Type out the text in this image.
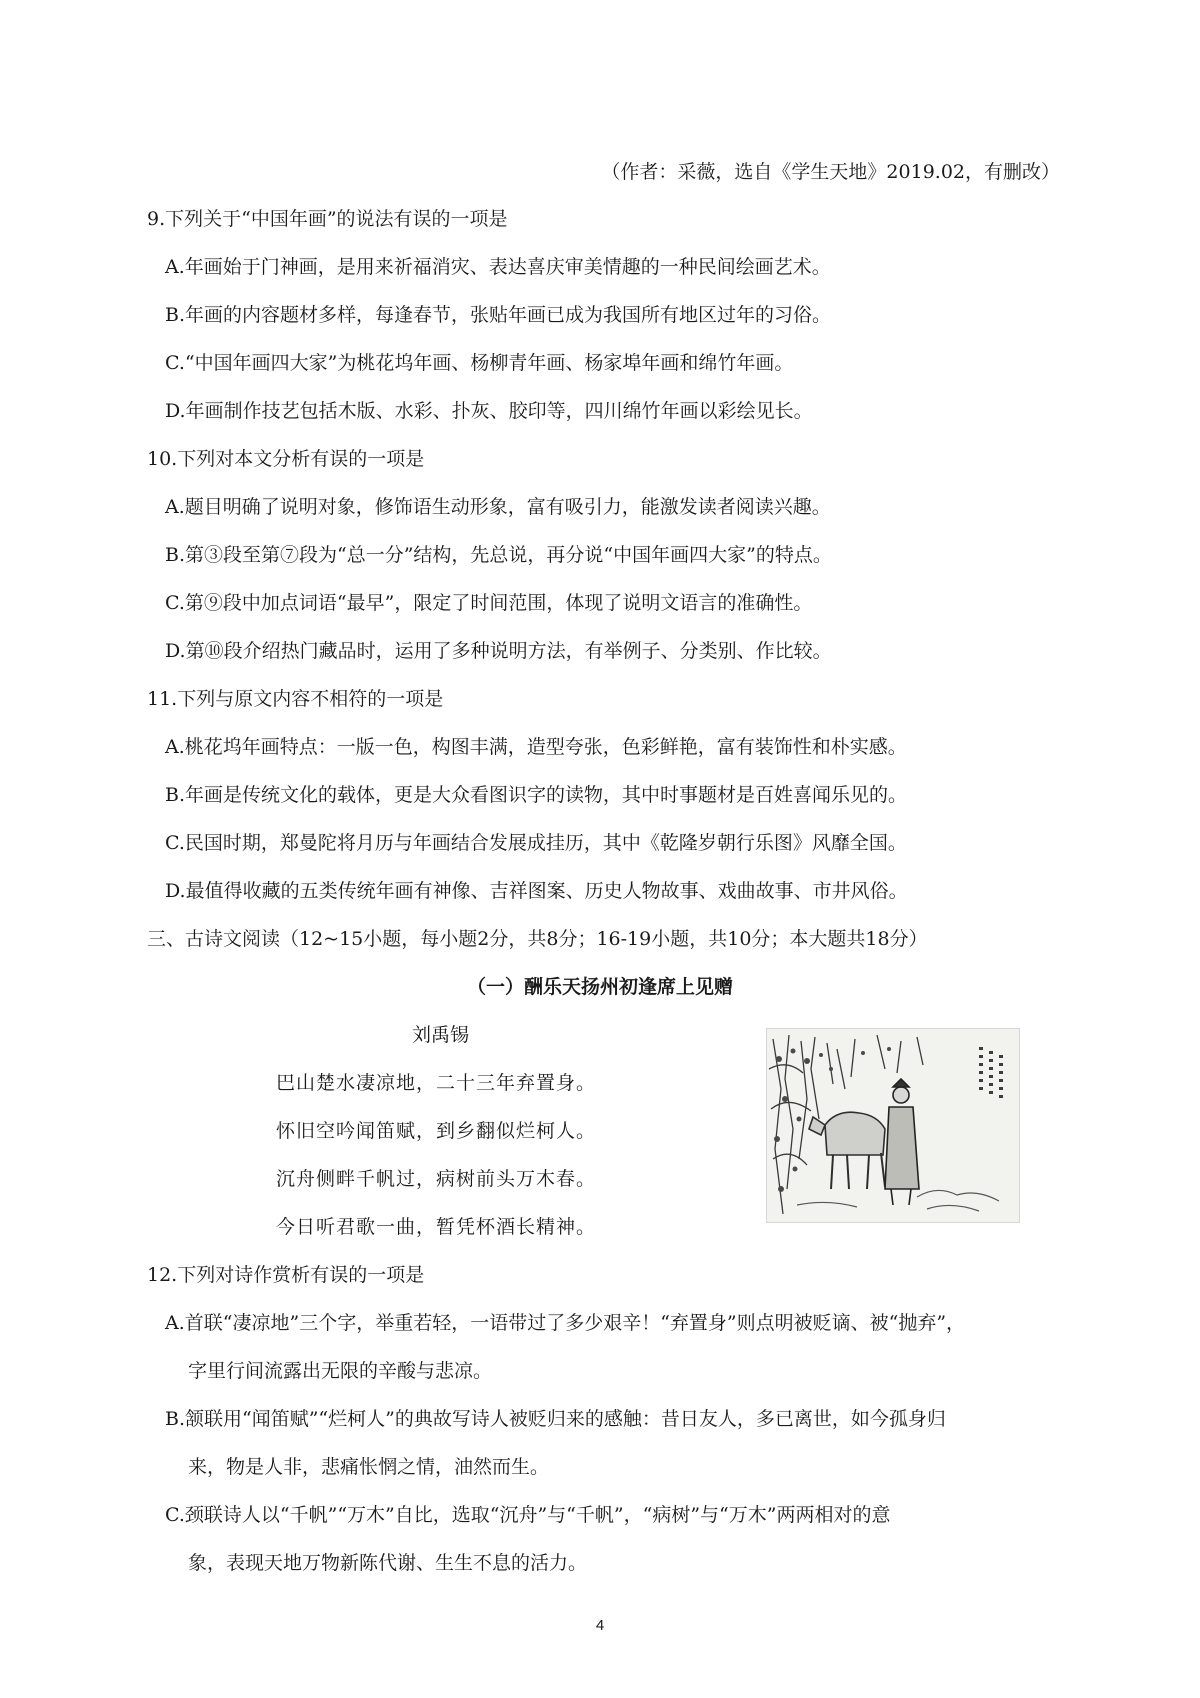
（作者：采薇，选自《学生天地》2019.02，有删改）
9.下列关于“中国年画”的说法有误的一项是
A.年画始于门神画，是用来祈福消灾、表达喜庆审美情趣的一种民间绘画艺术。
B.年画的内容题材多样，每逢春节，张贴年画已成为我国所有地区过年的习俗。
C.“中国年画四大家”为桃花坞年画、杨柳青年画、杨家埠年画和绵竹年画。
D.年画制作技艺包括木版、水彩、扑灰、胶印等，四川绵竹年画以彩绘见长。
10.下列对本文分析有误的一项是
A.题目明确了说明对象，修饰语生动形象，富有吸引力，能激发读者阅读兴趣。
B.第③段至第⑦段为“总一分”结构，先总说，再分说“中国年画四大家”的特点。
C.第⑨段中加点词语“最早”，限定了时间范围，体现了说明文语言的准确性。
D.第⑩段介绍热门藏品时，运用了多种说明方法，有举例子、分类别、作比较。
11.下列与原文内容不相符的一项是
A.桃花坞年画特点：一版一色，构图丰满，造型夸张，色彩鲜艳，富有装饰性和朴实感。
B.年画是传统文化的载体，更是大众看图识字的读物，其中时事题材是百姓喜闻乐见的。
C.民国时期，郑曼陀将月历与年画结合发展成挂历，其中《乾隆岁朝行乐图》风靡全国。
D.最值得收藏的五类传统年画有神像、吉祥图案、历史人物故事、戏曲故事、市井风俗。
三、古诗文阅读（12~15小题，每小题2分，共8分；16-19小题，共10分；本大题共18分）
（一）酬乐天扬州初逢席上见赠
刘禹锡
巴山楚水凄凉地，二十三年弃置身。
怀旧空吟闻笛赋，到乡翻似烂柯人。
沉舟侧畔千帆过，病树前头万木春。
今日听君歌一曲，暂凭杯酒长精神。
12.下列对诗作赏析有误的一项是
A.首联“凄凉地”三个字，举重若轻，一语带过了多少艰辛！“弃置身”则点明被贬谪、被“抛弃”，
字里行间流露出无限的辛酸与悲凉。
B.颔联用“闻笛赋”“烂柯人”的典故写诗人被贬归来的感触：昔日友人，多已离世，如今孤身归
来，物是人非，悲痛怅惘之情，油然而生。
C.颈联诗人以“千帆”“万木”自比，选取“沉舟”与“千帆”，“病树”与“万木”两两相对的意
象，表现天地万物新陈代谢、生生不息的活力。
4
